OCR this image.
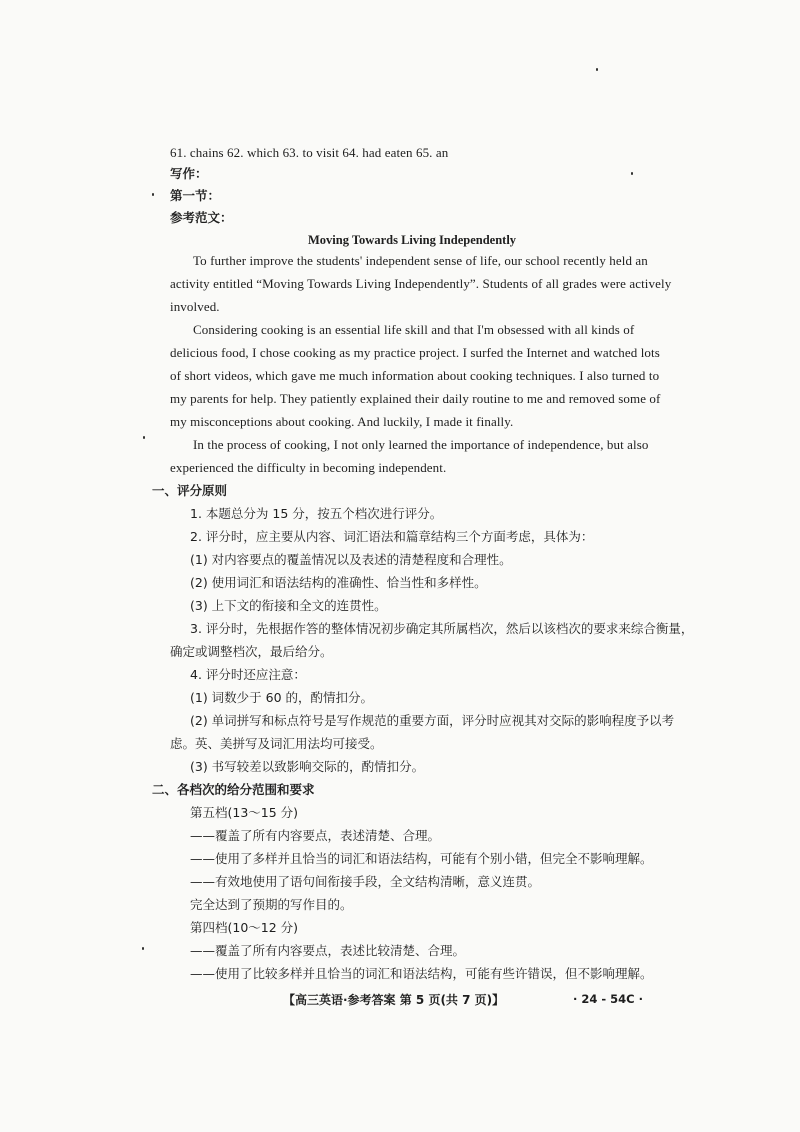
61. chains 62. which 63. to visit 64. had eaten 65. an
写作：
第一节：
参考范文：
Moving Towards Living Independently
To further improve the students' independent sense of life, our school recently held an
activity entitled “Moving Towards Living Independently”. Students of all grades were actively
involved.
Considering cooking is an essential life skill and that I'm obsessed with all kinds of
delicious food, I chose cooking as my practice project. I surfed the Internet and watched lots
of short videos, which gave me much information about cooking techniques. I also turned to
my parents for help. They patiently explained their daily routine to me and removed some of
my misconceptions about cooking. And luckily, I made it finally.
In the process of cooking, I not only learned the importance of independence, but also
experienced the difficulty in becoming independent.
一、评分原则
1. 本题总分为 15 分，按五个档次进行评分。
2. 评分时，应主要从内容、词汇语法和篇章结构三个方面考虑，具体为：
(1) 对内容要点的覆盖情况以及表述的清楚程度和合理性。
(2) 使用词汇和语法结构的准确性、恰当性和多样性。
(3) 上下文的衔接和全文的连贯性。
3. 评分时，先根据作答的整体情况初步确定其所属档次，然后以该档次的要求来综合衡量，
确定或调整档次，最后给分。
4. 评分时还应注意：
(1) 词数少于 60 的，酌情扣分。
(2) 单词拼写和标点符号是写作规范的重要方面，评分时应视其对交际的影响程度予以考
虑。英、美拼写及词汇用法均可接受。
(3) 书写较差以致影响交际的，酌情扣分。
二、各档次的给分范围和要求
第五档(13～15 分)
——覆盖了所有内容要点，表述清楚、合理。
——使用了多样并且恰当的词汇和语法结构，可能有个别小错，但完全不影响理解。
——有效地使用了语句间衔接手段，全文结构清晰，意义连贯。
完全达到了预期的写作目的。
第四档(10～12 分)
——覆盖了所有内容要点，表述比较清楚、合理。
——使用了比较多样并且恰当的词汇和语法结构，可能有些许错误，但不影响理解。
【高三英语·参考答案 第 5 页(共 7 页)】	· 24 - 54C ·
